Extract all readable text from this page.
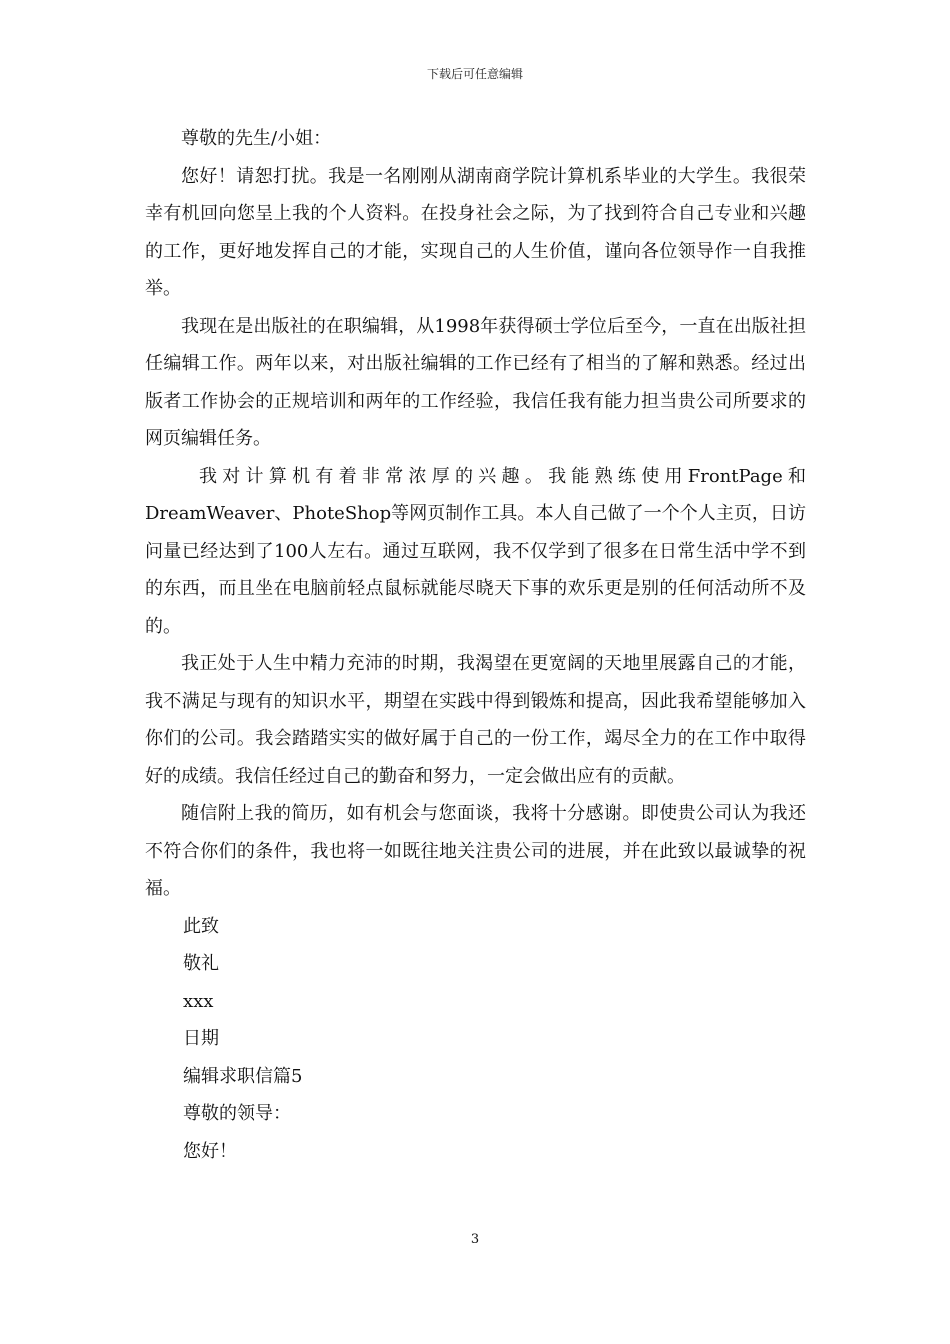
下载后可任意编辑

尊敬的先生/小姐：

您好！请恕打扰。我是一名刚刚从湖南商学院计算机系毕业的大学生。我很荣幸有机回向您呈上我的个人资料。在投身社会之际，为了找到符合自己专业和兴趣的工作，更好地发挥自己的才能，实现自己的人生价值，谨向各位领导作一自我推举。

我现在是出版社的在职编辑，从1998年获得硕士学位后至今，一直在出版社担任编辑工作。两年以来，对出版社编辑的工作已经有了相当的了解和熟悉。经过出版者工作协会的正规培训和两年的工作经验，我信任我有能力担当贵公司所要求的网页编辑任务。

我对计算机有着非常浓厚的兴趣。我能熟练使用FrontPage和DreamWeaver、PhoteShop等网页制作工具。本人自己做了一个个人主页，日访问量已经达到了100人左右。通过互联网，我不仅学到了很多在日常生活中学不到的东西，而且坐在电脑前轻点鼠标就能尽晓天下事的欢乐更是别的任何活动所不及的。

我正处于人生中精力充沛的时期，我渴望在更宽阔的天地里展露自己的才能，我不满足与现有的知识水平，期望在实践中得到锻炼和提高，因此我希望能够加入你们的公司。我会踏踏实实的做好属于自己的一份工作，竭尽全力的在工作中取得好的成绩。我信任经过自己的勤奋和努力，一定会做出应有的贡献。

随信附上我的简历，如有机会与您面谈，我将十分感谢。即使贵公司认为我还不符合你们的条件，我也将一如既往地关注贵公司的进展，并在此致以最诚挚的祝福。

此致

敬礼

xxx

日期

编辑求职信篇5

尊敬的领导：

您好！

3
